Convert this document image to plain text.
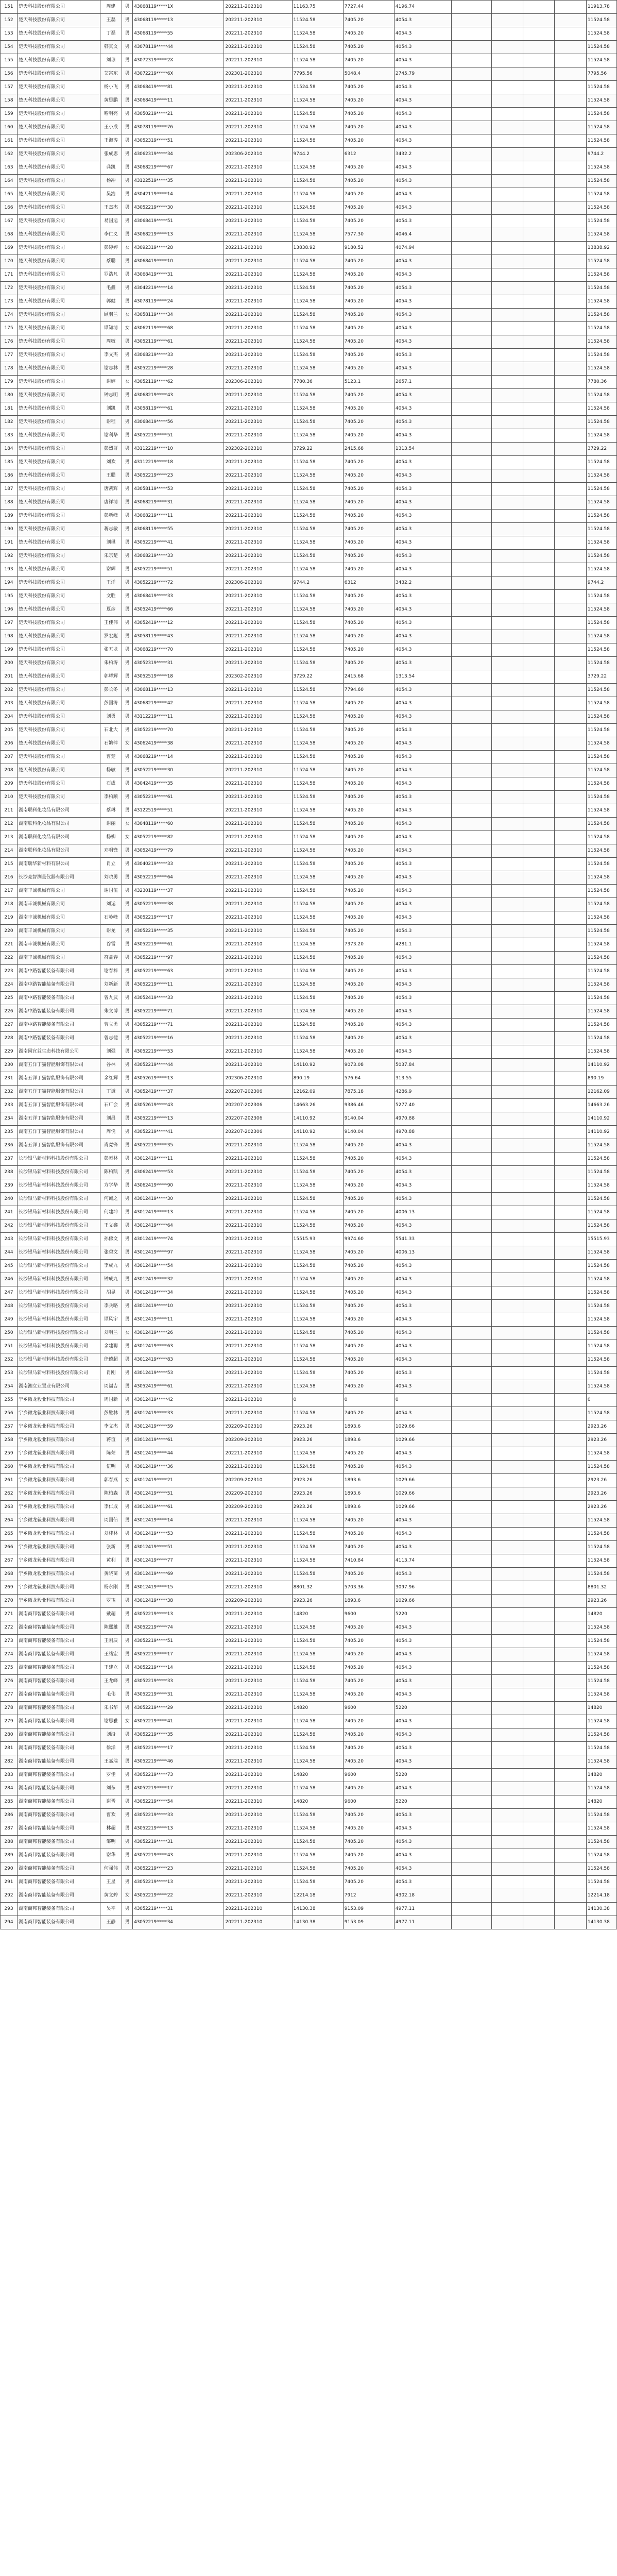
151	楚天科技股份有限公司	周建	男	43068119*****1X	202211-202310	11163.75	7727.44	4196.74					11913.78
152	楚天科技股份有限公司	王磊	男	43068119*****13	202211-202310	11524.58	7405.20	4054.3					11524.58
153	楚天科技股份有限公司	丁磊	男	43068119*****55	202211-202310	11524.58	7405.20	4054.3					11524.58
154	楚天科技股份有限公司	韩真文	男	43078119*****44	202211-202310	11524.58	7405.20	4054.3					11524.58
155	楚天科技股份有限公司	刘琼	男	43072319*****2X	202211-202310	11524.58	7405.20	4054.3					11524.58
156	楚天科技股份有限公司	艾富东	男	43072219*****6X	202301-202310	7795.56	5048.4	2745.79					7795.56
157	楚天科技股份有限公司	杨小飞	男	43068419*****81	202211-202310	11524.58	7405.20	4054.3					11524.58
158	楚天科技股份有限公司	黄思鹏	男	43068419*****11	202211-202310	11524.58	7405.20	4054.3					11524.58
159	楚天科技股份有限公司	喻明亮	男	43050219*****21	202211-202310	11524.58	7405.20	4054.3					11524.58
160	楚天科技股份有限公司	王小成	男	43078119*****76	202211-202310	11524.58	7405.20	4054.3					11524.58
161	楚天科技股份有限公司	王海涛	男	43052319*****51	202211-202310	11524.58	7405.20	4054.3					11524.58
162	楚天科技股份有限公司	张成思	男	43062319*****34	202306-202310	9744.2	6312	3432.2					9744.2
163	楚天科技股份有限公司	龚凯	男	43068219*****67	202211-202310	11524.58	7405.20	4054.3					11524.58
164	楚天科技股份有限公司	杨冲	男	43122519*****35	202211-202310	11524.58	7405.20	4054.3					11524.58
165	楚天科技股份有限公司	吴浩	男	43042119*****14	202211-202310	11524.58	7405.20	4054.3					11524.58
166	楚天科技股份有限公司	王杰杰	男	43052219*****30	202211-202310	11524.58	7405.20	4054.3					11524.58
167	楚天科技股份有限公司	易国运	男	43068419*****51	202211-202310	11524.58	7405.20	4054.3					11524.58
168	楚天科技股份有限公司	李仁义	男	43068219*****13	202211-202310	11524.58	7577.30	4046.4					11524.58
169	楚天科技股份有限公司	彭婷婷	女	43092319*****28	202211-202310	13838.92	9180.52	4074.94					13838.92
170	楚天科技股份有限公司	蔡聪	男	43068419*****10	202211-202310	11524.58	7405.20	4054.3					11524.58
171	楚天科技股份有限公司	罗浩凡	男	43068419*****31	202211-202310	11524.58	7405.20	4054.3					11524.58
172	楚天科技股份有限公司	毛鑫	男	43042219*****14	202211-202310	11524.58	7405.20	4054.3					11524.58
173	楚天科技股份有限公司	郭健	男	43078119*****24	202211-202310	11524.58	7405.20	4054.3					11524.58
174	楚天科技股份有限公司	顾羽兰	女	43058119*****34	202211-202310	11524.58	7405.20	4054.3					11524.58
175	楚天科技股份有限公司	谭知清	女	43062119*****68	202211-202310	11524.58	7405.20	4054.3					11524.58
176	楚天科技股份有限公司	周敏	男	43052119*****61	202211-202310	11524.58	7405.20	4054.3					11524.58
177	楚天科技股份有限公司	李文杰	男	43068219*****33	202211-202310	11524.58	7405.20	4054.3					11524.58
178	楚天科技股份有限公司	谢志林	男	43052219*****28	202211-202310	11524.58	7405.20	4054.3					11524.58
179	楚天科技股份有限公司	谢婷	女	43052119*****62	202306-202310	7780.36	5123.1	2657.1					7780.36
180	楚天科技股份有限公司	钟志明	男	43068219*****43	202211-202310	11524.58	7405.20	4054.3					11524.58
181	楚天科技股份有限公司	刘凯	男	43058119*****61	202211-202310	11524.58	7405.20	4054.3					11524.58
182	楚天科技股份有限公司	谢程	男	43068419*****56	202211-202310	11524.58	7405.20	4054.3					11524.58
183	楚天科技股份有限公司	谢利华	男	43052219*****51	202211-202310	11524.58	7405.20	4054.3					11524.58
184	楚天科技股份有限公司	彭烈群	男	43112219*****10	202302-202310	3729.22	2415.68	1313.54					3729.22
185	楚天科技股份有限公司	刘欢	男	43112219*****18	202211-202310	11524.58	7405.20	4054.3					11524.58
186	楚天科技股份有限公司	王聪	男	43052219*****23	202211-202310	11524.58	7405.20	4054.3					11524.58
187	楚天科技股份有限公司	唐凯辉	男	43058119*****53	202211-202310	11524.58	7405.20	4054.3					11524.58
188	楚天科技股份有限公司	唐祥清	男	43068219*****31	202211-202310	11524.58	7405.20	4054.3					11524.58
189	楚天科技股份有限公司	彭新峰	男	43068219*****11	202211-202310	11524.58	7405.20	4054.3					11524.58
190	楚天科技股份有限公司	蒋志敏	男	43068119*****55	202211-202310	11524.58	7405.20	4054.3					11524.58
191	楚天科技股份有限公司	刘琪	男	43052219*****41	202211-202310	11524.58	7405.20	4054.3					11524.58
192	楚天科技股份有限公司	朱宗楚	男	43068219*****33	202211-202310	11524.58	7405.20	4054.3					11524.58
193	楚天科技股份有限公司	谢辉	男	43052219*****51	202211-202310	11524.58	7405.20	4054.3					11524.58
194	楚天科技股份有限公司	王洋	男	43052219*****72	202306-202310	9744.2	6312	3432.2					9744.2
195	楚天科技股份有限公司	文胜	男	43068419*****33	202211-202310	11524.58	7405.20	4054.3					11524.58
196	楚天科技股份有限公司	夏彦	男	43052419*****66	202211-202310	11524.58	7405.20	4054.3					11524.58
197	楚天科技股份有限公司	王佳伟	男	43052419*****12	202211-202310	11524.58	7405.20	4054.3					11524.58
198	楚天科技股份有限公司	罗宏彪	男	43058119*****43	202211-202310	11524.58	7405.20	4054.3					11524.58
199	楚天科技股份有限公司	张五龙	男	43068219*****70	202211-202310	11524.58	7405.20	4054.3					11524.58
200	楚天科技股份有限公司	朱柏涛	男	43052319*****31	202211-202310	11524.58	7405.20	4054.3					11524.58
201	楚天科技股份有限公司	郭辉辉	男	43052519*****18	202302-202310	3729.22	2415.68	1313.54					3729.22
202	楚天科技股份有限公司	彭长冬	男	43068119*****13	202211-202310	11524.58	7794.60	4054.3					11524.58
203	楚天科技股份有限公司	彭国涛	男	43068219*****42	202211-202310	11524.58	7405.20	4054.3					11524.58
204	楚天科技股份有限公司	刘勇	男	43112219*****11	202211-202310	11524.58	7405.20	4054.3					11524.58
205	楚天科技股份有限公司	石北大	男	43052219*****70	202211-202310	11524.58	7405.20	4054.3					11524.58
206	楚天科技股份有限公司	石繁萍	女	43062419*****38	202211-202310	11524.58	7405.20	4054.3					11524.58
207	楚天科技股份有限公司	曹楚	男	43068219*****14	202211-202310	11524.58	7405.20	4054.3					11524.58
208	楚天科技股份有限公司	杨敏	男	43052219*****30	202211-202310	11524.58	7405.20	4054.3					11524.58
209	楚天科技股份有限公司	石成	男	43042419*****35	202211-202310	11524.58	7405.20	4054.3					11524.58
210	楚天科技股份有限公司	李柏顺	男	43052219*****61	202211-202310	11524.58	7405.20	4054.3					11524.58
211	湖南联科化妆品有限公司	蔡琳	男	43122519*****51	202211-202310	11524.58	7405.20	4054.3					11524.58
212	湖南联科化妆品有限公司	谢丽	女	43048119*****60	202211-202310	11524.58	7405.20	4054.3					11524.58
213	湖南联科化妆品有限公司	杨柳	女	43052219*****82	202211-202310	11524.58	7405.20	4054.3					11524.58
214	湖南联科化妆品有限公司	邓明锋	男	43052419*****79	202211-202310	11524.58	7405.20	4054.3					11524.58
215	湖南瑞华新材料有限公司	肖立	男	43040219*****33	202211-202310	11524.58	7405.20	4054.3					11524.58
216	长沙竞智测量仪器有限公司	刘晓勇	男	43052219*****64	202211-202310	11524.58	7405.20	4054.3					11524.58
217	湖南丰诚机械有限公司	谢国伍	男	43230119*****37	202211-202310	11524.58	7405.20	4054.3					11524.58
218	湖南丰诚机械有限公司	刘运	男	43052219*****38	202211-202310	11524.58	7405.20	4054.3					11524.58
219	湖南丰诚机械有限公司	石岭峰	男	43052219*****17	202211-202310	11524.58	7405.20	4054.3					11524.58
220	湖南丰诚机械有限公司	谢龙	男	43052219*****35	202211-202310	11524.58	7405.20	4054.3					11524.58
221	湖南丰诚机械有限公司	谷雷	男	43052219*****61	202211-202310	11524.58	7373.20	4281.1					11524.58
222	湖南丰诚机械有限公司	符益春	男	43052219*****97	202211-202310	11524.58	7405.20	4054.3					11524.58
223	湖南中路智能装备有限公司	谢春梓	男	43052219*****63	202211-202310	11524.58	7405.20	4054.3					11524.58
224	湖南中路智能装备有限公司	刘新新	男	43052219*****11	202211-202310	11524.58	7405.20	4054.3					11524.58
225	湖南中路智能装备有限公司	曾九武	男	43052419*****33	202211-202310	11524.58	7405.20	4054.3					11524.58
226	湖南中路智能装备有限公司	朱文博	男	43052219*****71	202211-202310	11524.58	7405.20	4054.3					11524.58
227	湖南中路智能装备有限公司	曹立勇	男	43052219*****71	202211-202310	11524.58	7405.20	4054.3					11524.58
228	湖南中路智能装备有限公司	曾志健	男	43052219*****16	202211-202310	11524.58	7405.20	4054.3					11524.58
229	湖南园宜益生态科技有限公司	刘强	男	43052219*****53	202211-202310	11524.58	7405.20	4054.3					11524.58
230	湖南五洋丁猫智能服饰有限公司	谷林	男	43052219*****44	202211-202310	14110.92	9073.08	5037.84					14110.92
231	湖南五洋丁猫智能服饰有限公司	余红辉	男	43052619*****13	202306-202310	890.19	576.64	313.55					890.19
232	湖南五洋丁猫智能服饰有限公司	丁谦	男	43052419*****37	202207-202306	12162.09	7875.18	4286.9					12162.09
233	湖南五洋丁猫智能服饰有限公司	石广会	男	43052619*****43	202207-202306	14663.26	9386.46	5277.40					14663.26
234	湖南五洋丁猫智能服饰有限公司	刘昌	男	43052219*****13	202207-202306	14110.92	9140.04	4970.88					14110.92
235	湖南五洋丁猫智能服饰有限公司	周悦	男	43052219*****41	202207-202306	14110.92	9140.04	4970.88					14110.92
236	湖南五洋丁猫智能服饰有限公司	肖竟锋	男	43052219*****35	202211-202310	11524.58	7405.20	4054.3					11524.58
237	长沙银马新材料科技股份有限公司	彭素林	男	43012419*****11	202211-202310	11524.58	7405.20	4054.3					11524.58
238	长沙银马新材料科技股份有限公司	陈柏凯	男	43062419*****53	202211-202310	11524.58	7405.20	4054.3					11524.58
239	长沙银马新材料科技股份有限公司	方学华	男	43062419*****90	202211-202310	11524.58	7405.20	4054.3					11524.58
240	长沙银马新材料科技股份有限公司	何诚之	男	43012419*****30	202211-202310	11524.58	7405.20	4054.3					11524.58
241	长沙银马新材料科技股份有限公司	何建坤	男	43012419*****13	202211-202310	11524.58	7405.20	4006.13					11524.58
242	长沙银马新材料科技股份有限公司	王义鑫	男	43012419*****64	202211-202310	11524.58	7405.20	4054.3					11524.58
243	长沙银马新材料科技股份有限公司	孙佛文	男	43012419*****74	202211-202310	15515.93	9974.60	5541.33					15515.93
244	长沙银马新材料科技股份有限公司	张碧文	男	43012419*****97	202211-202310	11524.58	7405.20	4006.13					11524.58
245	长沙银马新材料科技股份有限公司	李成九	男	43012419*****54	202211-202310	11524.58	7405.20	4054.3					11524.58
246	长沙银马新材料科技股份有限公司	钟成九	男	43012419*****32	202211-202310	11524.58	7405.20	4054.3					11524.58
247	长沙银马新材料科技股份有限公司	胡显	男	43012419*****34	202211-202310	11524.58	7405.20	4054.3					11524.58
248	长沙银马新材料科技股份有限公司	李兵略	男	43012419*****10	202211-202310	11524.58	7405.20	4054.3					11524.58
249	长沙银马新材料科技股份有限公司	谭风宇	男	43012419*****11	202211-202310	11524.58	7405.20	4054.3					11524.58
250	长沙银马新材料科技股份有限公司	刘明兰	女	43012419*****26	202211-202310	11524.58	7405.20	4054.3					11524.58
251	长沙银马新材料科技股份有限公司	余建聪	男	43012419*****63	202211-202310	11524.58	7405.20	4054.3					11524.58
252	长沙银马新材料科技股份有限公司	徐德超	男	43012419*****83	202211-202310	11524.58	7405.20	4054.3					11524.58
253	长沙银马新材料科技股份有限公司	肖刚	男	43012419*****53	202211-202310	11524.58	7405.20	4054.3					11524.58
254	湖南湘立业置业有限公司	周福吉	男	43052419*****61	202211-202310	11524.58	7405.20	4054.3					11524.58
255	宁乡微龙毅业科技有限公司	周国新	男	43012419*****42	202211-202310	0	0	0					0
256	宁乡微龙毅业科技有限公司	彭胜林	男	43012419*****33	202211-202310	11524.58	7405.20	4054.3					11524.58
257	宁乡微龙毅业科技有限公司	李文杰	男	43012419*****59	202209-202310	2923.26	1893.6	1029.66					2923.26
258	宁乡微龙毅业科技有限公司	蒋谊	男	43012419*****61	202209-202310	2923.26	1893.6	1029.66					2923.26
259	宁乡微龙毅业科技有限公司	陈荣	男	43012419*****44	202211-202310	11524.58	7405.20	4054.3					11524.58
260	宁乡微龙毅业科技有限公司	伍明	男	43012419*****36	202211-202310	11524.58	7405.20	4054.3					11524.58
261	宁乡微龙毅业科技有限公司	郭春燕	女	43012419*****21	202209-202310	2923.26	1893.6	1029.66					2923.26
262	宁乡微龙毅业科技有限公司	陈柏森	男	43012419*****51	202209-202310	2923.26	1893.6	1029.66					2923.26
263	宁乡微龙毅业科技有限公司	李仁成	男	43012419*****61	202209-202310	2923.26	1893.6	1029.66					2923.26
264	宁乡微龙毅业科技有限公司	周国信	男	43012419*****14	202211-202310	11524.58	7405.20	4054.3					11524.58
265	宁乡微龙毅业科技有限公司	刘桂林	男	43012419*****53	202211-202310	11524.58	7405.20	4054.3					11524.58
266	宁乡微龙毅业科技有限公司	张新	男	43012419*****51	202211-202310	11524.58	7405.20	4054.3					11524.58
267	宁乡微龙毅业科技有限公司	黄利	男	43012419*****77	202211-202310	11524.58	7410.84	4113.74					11524.58
268	宁乡微龙毅业科技有限公司	黄晓苗	男	43012419*****69	202211-202310	11524.58	7405.20	4054.3					11524.58
269	宁乡微龙毅业科技有限公司	杨永刚	男	43012419*****15	202211-202310	8801.32	5703.36	3097.96					8801.32
270	宁乡微龙毅业科技有限公司	罗飞	男	43012419*****38	202209-202310	2923.26	1893.6	1029.66					2923.26
271	湖南商邦智能装备有限公司	戴超	男	43052219*****13	202211-202310	14820	9600	5220					14820
272	湖南商邦智能装备有限公司	陈熙雄	男	43052219*****74	202211-202310	11524.58	7405.20	4054.3					11524.58
273	湖南商邦智能装备有限公司	王刚辰	男	43052219*****51	202211-202310	11524.58	7405.20	4054.3					11524.58
274	湖南商邦智能装备有限公司	王绪宏	男	43052219*****17	202211-202310	11524.58	7405.20	4054.3					11524.58
275	湖南商邦智能装备有限公司	王建立	男	43052219*****14	202211-202310	11524.58	7405.20	4054.3					11524.58
276	湖南商邦智能装备有限公司	王龙峰	男	43052219*****33	202211-202310	11524.58	7405.20	4054.3					11524.58
277	湖南商邦智能装备有限公司	毛伟	男	43052219*****31	202211-202310	11524.58	7405.20	4054.3					11524.58
278	湖南商邦智能装备有限公司	朱书华	男	43052219*****29	202211-202310	14820	9600	5220					14820
279	湖南商邦智能装备有限公司	谢思雅	女	43052219*****41	202211-202310	11524.58	7405.20	4054.3					11524.58
280	湖南商邦智能装备有限公司	刘沿	男	43052219*****35	202211-202310	11524.58	7405.20	4054.3					11524.58
281	湖南商邦智能装备有限公司	徐洋	男	43052219*****17	202211-202310	11524.58	7405.20	4054.3					11524.58
282	湖南商邦智能装备有限公司	王嘉瑞	男	43052219*****46	202211-202310	11524.58	7405.20	4054.3					11524.58
283	湖南商邦智能装备有限公司	罗佳	男	43052219*****73	202211-202310	14820	9600	5220					14820
284	湖南商邦智能装备有限公司	刘东	男	43052219*****17	202211-202310	11524.58	7405.20	4054.3					11524.58
285	湖南商邦智能装备有限公司	谢晋	男	43052219*****54	202211-202310	14820	9600	5220					14820
286	湖南商邦智能装备有限公司	曹欢	男	43052219*****33	202211-202310	11524.58	7405.20	4054.3					11524.58
287	湖南商邦智能装备有限公司	林超	男	43052219*****13	202211-202310	11524.58	7405.20	4054.3					11524.58
288	湖南商邦智能装备有限公司	邹明	男	43052219*****31	202211-202310	11524.58	7405.20	4054.3					11524.58
289	湖南商邦智能装备有限公司	谢华	男	43052219*****43	202211-202310	11524.58	7405.20	4054.3					11524.58
290	湖南商邦智能装备有限公司	何强伟	男	43052219*****23	202211-202310	11524.58	7405.20	4054.3					11524.58
291	湖南商邦智能装备有限公司	王星	男	43052219*****13	202211-202310	11524.58	7405.20	4054.3					11524.58
292	湖南商邦智能装备有限公司	黄文婷	女	43052219*****22	202211-202310	12214.18	7912	4302.18					12214.18
293	湖南商邦智能装备有限公司	吴平	男	43052219*****31	202211-202310	14130.38	9153.09	4977.11					14130.38
294	湖南商邦智能装备有限公司	王静	男	43052219*****34	202211-202310	14130.38	9153.09	4977.11					14130.38
